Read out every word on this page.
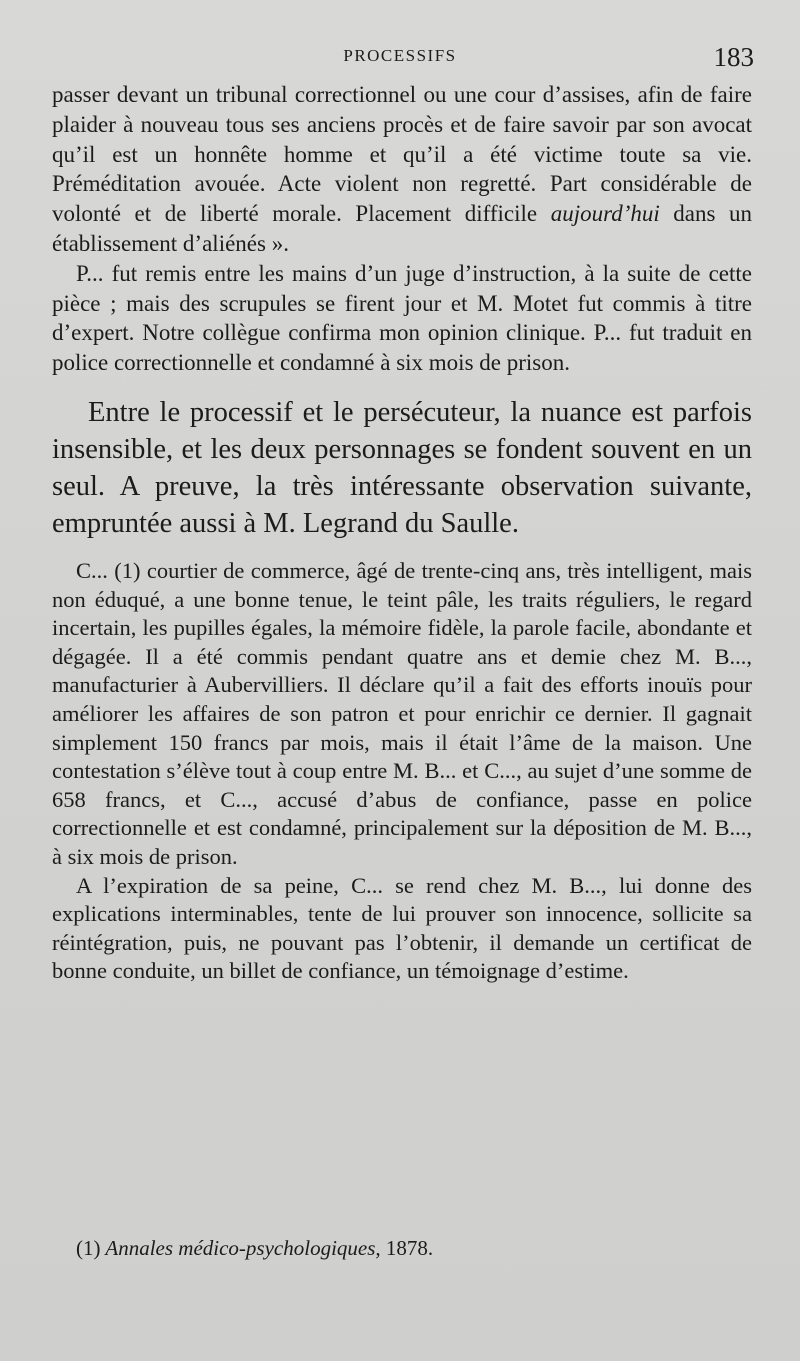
PROCESSIFS	183

passer devant un tribunal correctionnel ou une cour d’assises, afin de faire plaider à nouveau tous ses anciens procès et de faire savoir par son avocat qu’il est un honnête homme et qu’il a été victime toute sa vie. Préméditation avouée. Acte violent non regretté. Part considérable de volonté et de liberté morale. Placement difficile aujourd’hui dans un établissement d’aliénés ».

P... fut remis entre les mains d’un juge d’instruction, à la suite de cette pièce ; mais des scrupules se firent jour et M. Motet fut commis à titre d’expert. Notre collègue confirma mon opinion clinique. P... fut traduit en police correctionnelle et condamné à six mois de prison.

Entre le processif et le persécuteur, la nuance est parfois insensible, et les deux personnages se fondent souvent en un seul. A preuve, la très intéressante observation suivante, empruntée aussi à M. Legrand du Saulle.

C... (1) courtier de commerce, âgé de trente-cinq ans, très intelligent, mais non éduqué, a une bonne tenue, le teint pâle, les traits réguliers, le regard incertain, les pupilles égales, la mémoire fidèle, la parole facile, abondante et dégagée. Il a été commis pendant quatre ans et demie chez M. B..., manufacturier à Aubervilliers. Il déclare qu’il a fait des efforts inouïs pour améliorer les affaires de son patron et pour enrichir ce dernier. Il gagnait simplement 150 francs par mois, mais il était l’âme de la maison. Une contestation s’élève tout à coup entre M. B... et C..., au sujet d’une somme de 658 francs, et C..., accusé d’abus de confiance, passe en police correctionnelle et est condamné, principalement sur la déposition de M. B..., à six mois de prison.

A l’expiration de sa peine, C... se rend chez M. B..., lui donne des explications interminables, tente de lui prouver son innocence, sollicite sa réintégration, puis, ne pouvant pas l’obtenir, il demande un certificat de bonne conduite, un billet de confiance, un témoignage d’estime.

(1) Annales médico-psychologiques, 1878.
